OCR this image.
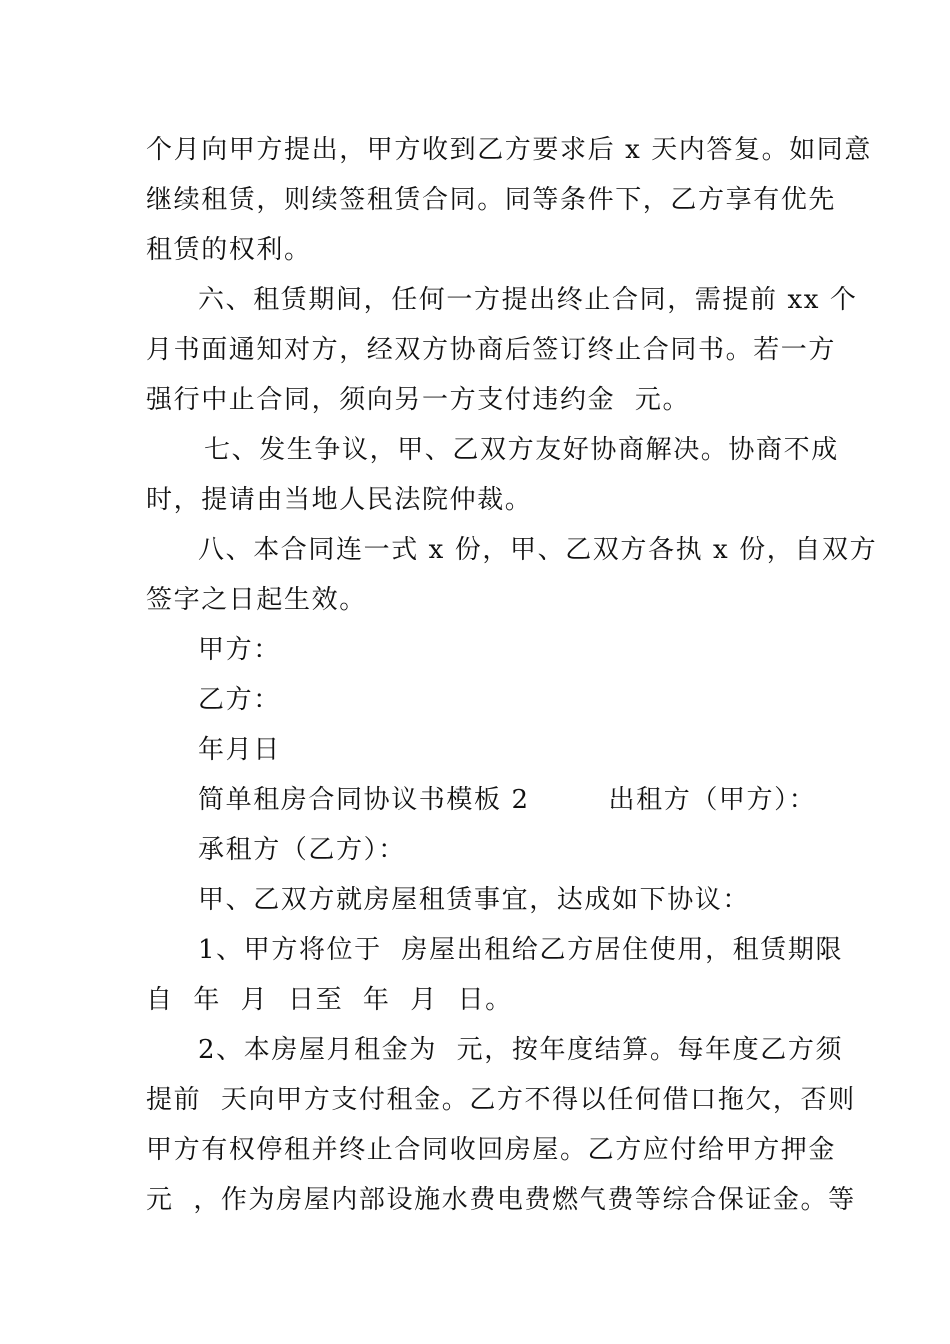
个月向甲方提出，甲方收到乙方要求后 x 天内答复。如同意
继续租赁，则续签租赁合同。同等条件下，乙方享有优先
租赁的权利。
六、租赁期间，任何一方提出终止合同，需提前 xx 个
月书面通知对方，经双方协商后签订终止合同书。若一方
强行中止合同，须向另一方支付违约金  元。
七、发生争议，甲、乙双方友好协商解决。协商不成
时，提请由当地人民法院仲裁。
八、本合同连一式 x 份，甲、乙双方各执 x 份，自双方
签字之日起生效。
甲方：
乙方：
年月日
简单租房合同协议书模板 2        出租方（甲方）：
承租方（乙方）：
甲、乙双方就房屋租赁事宜，达成如下协议：
1、甲方将位于  房屋出租给乙方居住使用，租赁期限
自  年  月  日至  年  月  日。
2、本房屋月租金为  元，按年度结算。每年度乙方须
提前  天向甲方支付租金。乙方不得以任何借口拖欠，否则
甲方有权停租并终止合同收回房屋。乙方应付给甲方押金
元  ，作为房屋内部设施水费电费燃气费等综合保证金。等
